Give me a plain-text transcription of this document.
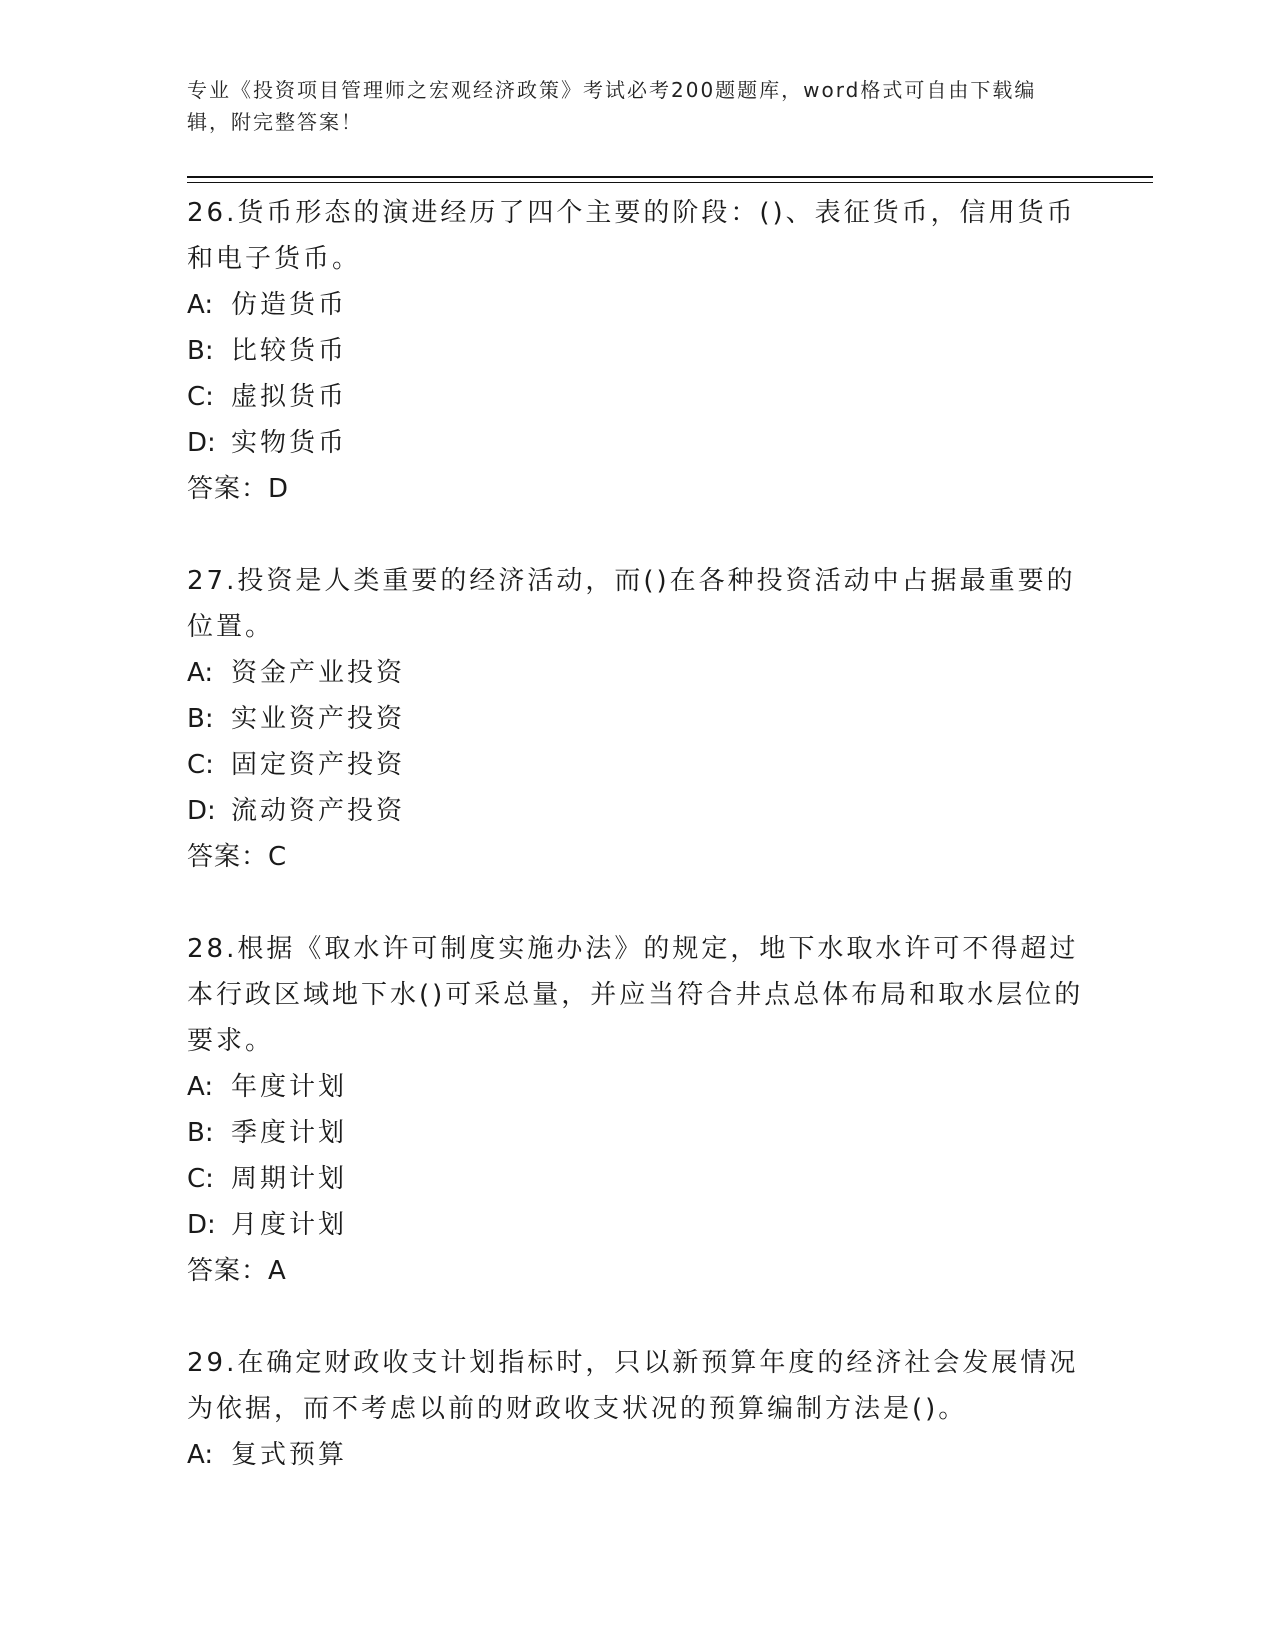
专业《投资项目管理师之宏观经济政策》考试必考200题题库，word格式可自由下载编辑，附完整答案！

26.货币形态的演进经历了四个主要的阶段：()、表征货币，信用货币和电子货币。

A: 仿造货币

B: 比较货币

C: 虚拟货币

D: 实物货币

答案：D

27.投资是人类重要的经济活动，而()在各种投资活动中占据最重要的位置。

A: 资金产业投资

B: 实业资产投资

C: 固定资产投资

D: 流动资产投资

答案：C

28.根据《取水许可制度实施办法》的规定，地下水取水许可不得超过本行政区域地下水()可采总量，并应当符合井点总体布局和取水层位的要求。

A: 年度计划

B: 季度计划

C: 周期计划

D: 月度计划

答案：A

29.在确定财政收支计划指标时，只以新预算年度的经济社会发展情况为依据，而不考虑以前的财政收支状况的预算编制方法是()。

A: 复式预算
